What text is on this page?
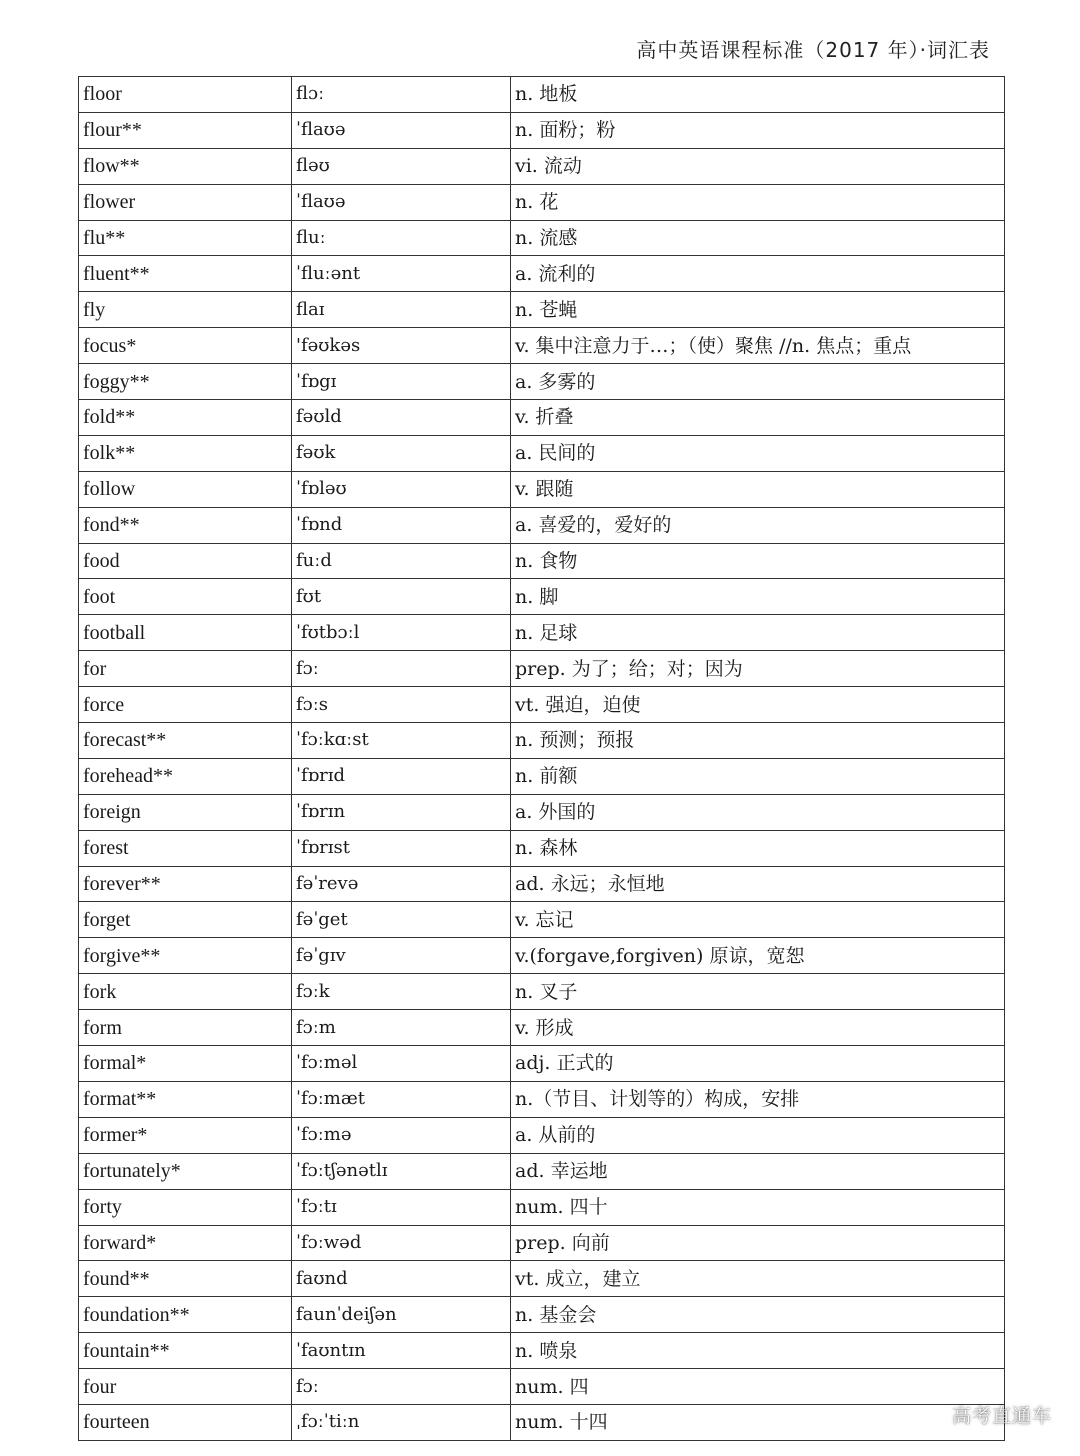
高中英语课程标准（2017 年）·词汇表
floor	flɔː	n. 地板
flour**	ˈflaʊə	n. 面粉；粉
flow**	fləʊ	vi. 流动
flower	ˈflaʊə	n. 花
flu**	fluː	n. 流感
fluent**	ˈfluːənt	a. 流利的
fly	flaɪ	n. 苍蝇
focus*	'fəʊkəs	v. 集中注意力于…；（使）聚焦 //n. 焦点；重点
foggy**	ˈfɒgɪ	a. 多雾的
fold**	fəʊld	v. 折叠
folk**	fəʊk	a. 民间的
follow	ˈfɒləʊ	v. 跟随
fond**	ˈfɒnd	a. 喜爱的，爱好的
food	fuːd	n. 食物
foot	fʊt	n. 脚
football	ˈfʊtbɔːl	n. 足球
for	fɔː	prep. 为了；给；对；因为
force	fɔːs	vt. 强迫，迫使
forecast**	ˈfɔːkɑːst	n. 预测；预报
forehead**	ˈfɒrɪd	n. 前额
foreign	ˈfɒrɪn	a. 外国的
forest	ˈfɒrɪst	n. 森林
forever**	fəˈrevə	ad. 永远；永恒地
forget	fəˈget	v. 忘记
forgive**	fəˈgɪv	v.(forgave,forgiven) 原谅，宽恕
fork	fɔːk	n. 叉子
form	fɔːm	v. 形成
formal*	ˈfɔːməl	adj. 正式的
format**	ˈfɔːmæt	n.（节目、计划等的）构成，安排
former*	ˈfɔːmə	a. 从前的
fortunately*	ˈfɔːtʃənətlɪ	ad. 幸运地
forty	ˈfɔːtɪ	num. 四十
forward*	ˈfɔːwəd	prep. 向前
found**	faʊnd	vt. 成立，建立
foundation**	faunˈdeiʃən	n. 基金会
fountain**	ˈfaʊntɪn	n. 喷泉
four	fɔː	num. 四
fourteen	ˌfɔːˈtiːn	num. 十四	高考直通车
